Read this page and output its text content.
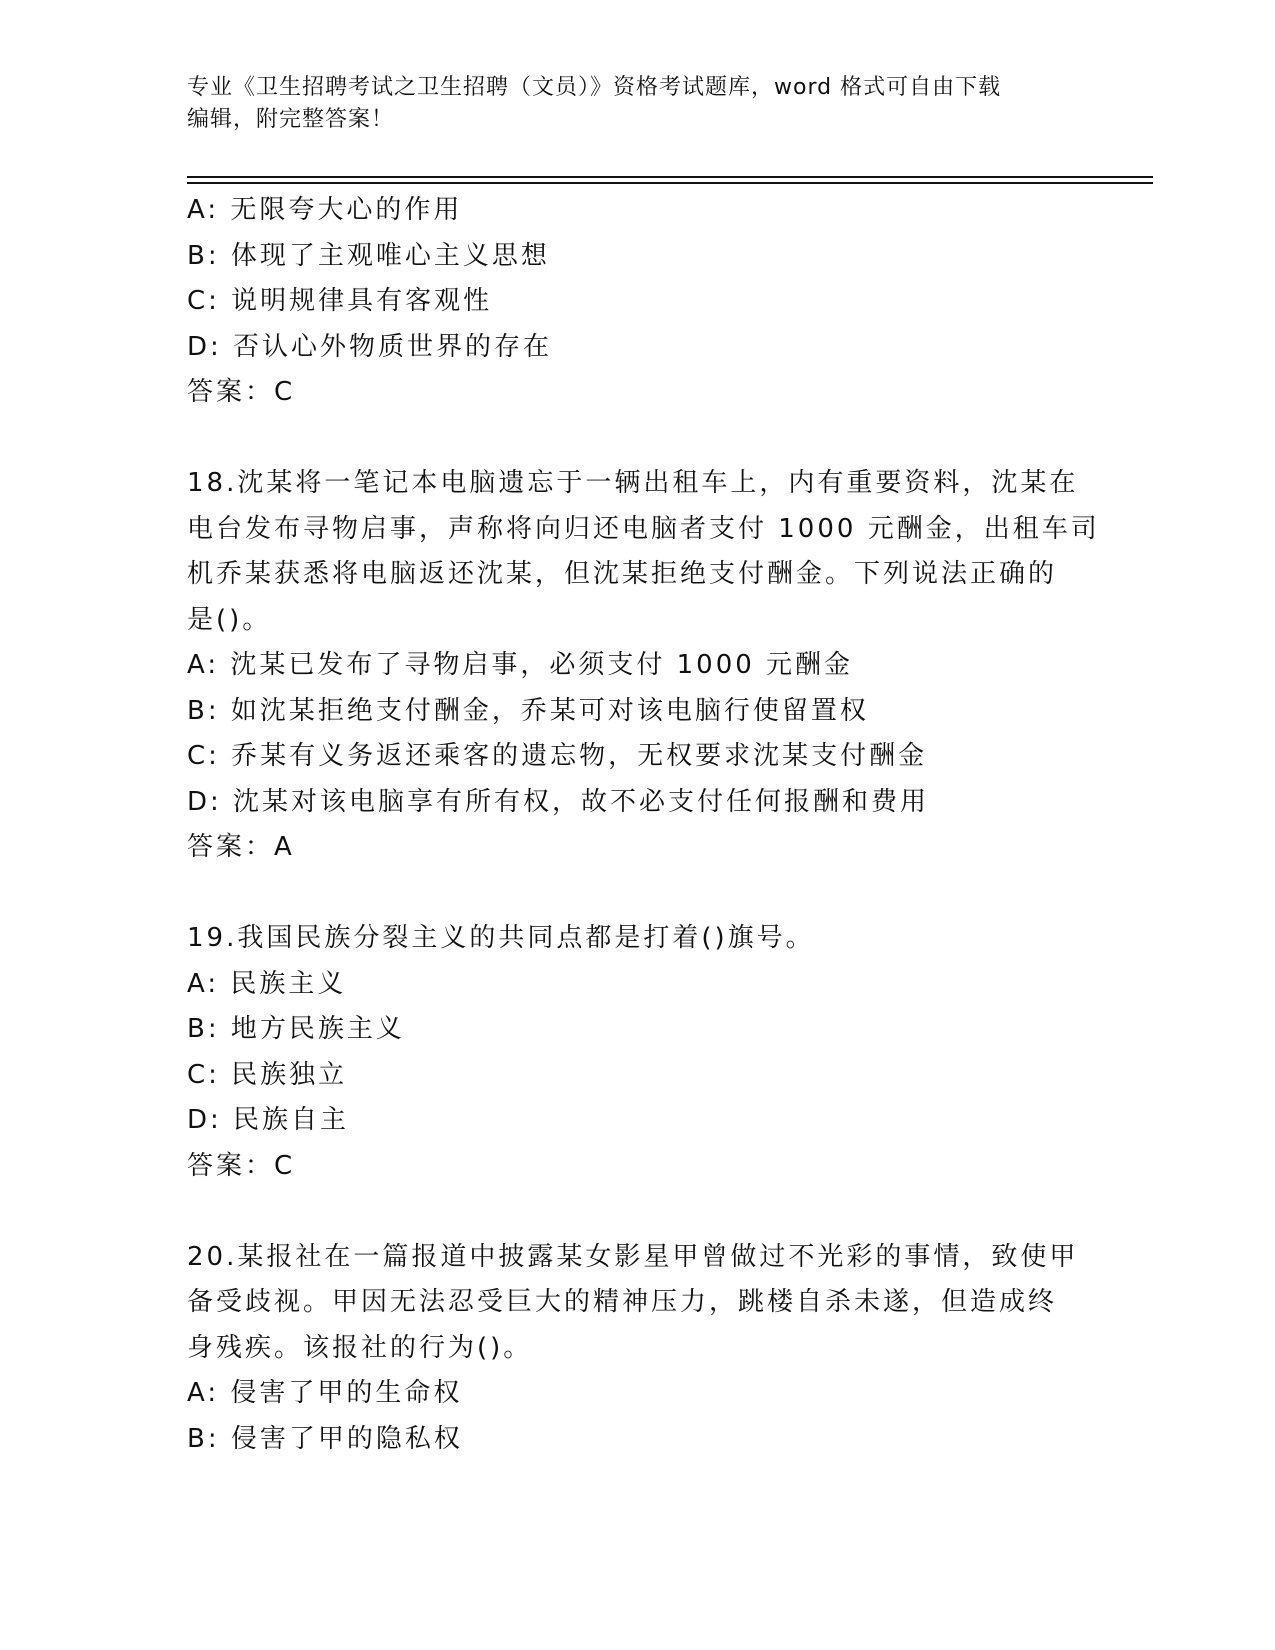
专业《卫生招聘考试之卫生招聘（文员）》资格考试题库，word 格式可自由下载
编辑，附完整答案！
A: 无限夸大心的作用
B: 体现了主观唯心主义思想
C: 说明规律具有客观性
D: 否认心外物质世界的存在
答案：C
18.沈某将一笔记本电脑遗忘于一辆出租车上，内有重要资料，沈某在
电台发布寻物启事，声称将向归还电脑者支付 1000 元酬金，出租车司
机乔某获悉将电脑返还沈某，但沈某拒绝支付酬金。下列说法正确的
是()。
A: 沈某已发布了寻物启事，必须支付 1000 元酬金
B: 如沈某拒绝支付酬金，乔某可对该电脑行使留置权
C: 乔某有义务返还乘客的遗忘物，无权要求沈某支付酬金
D: 沈某对该电脑享有所有权，故不必支付任何报酬和费用
答案：A
19.我国民族分裂主义的共同点都是打着()旗号。
A: 民族主义
B: 地方民族主义
C: 民族独立
D: 民族自主
答案：C
20.某报社在一篇报道中披露某女影星甲曾做过不光彩的事情，致使甲
备受歧视。甲因无法忍受巨大的精神压力，跳楼自杀未遂，但造成终
身残疾。该报社的行为()。
A: 侵害了甲的生命权
B: 侵害了甲的隐私权
